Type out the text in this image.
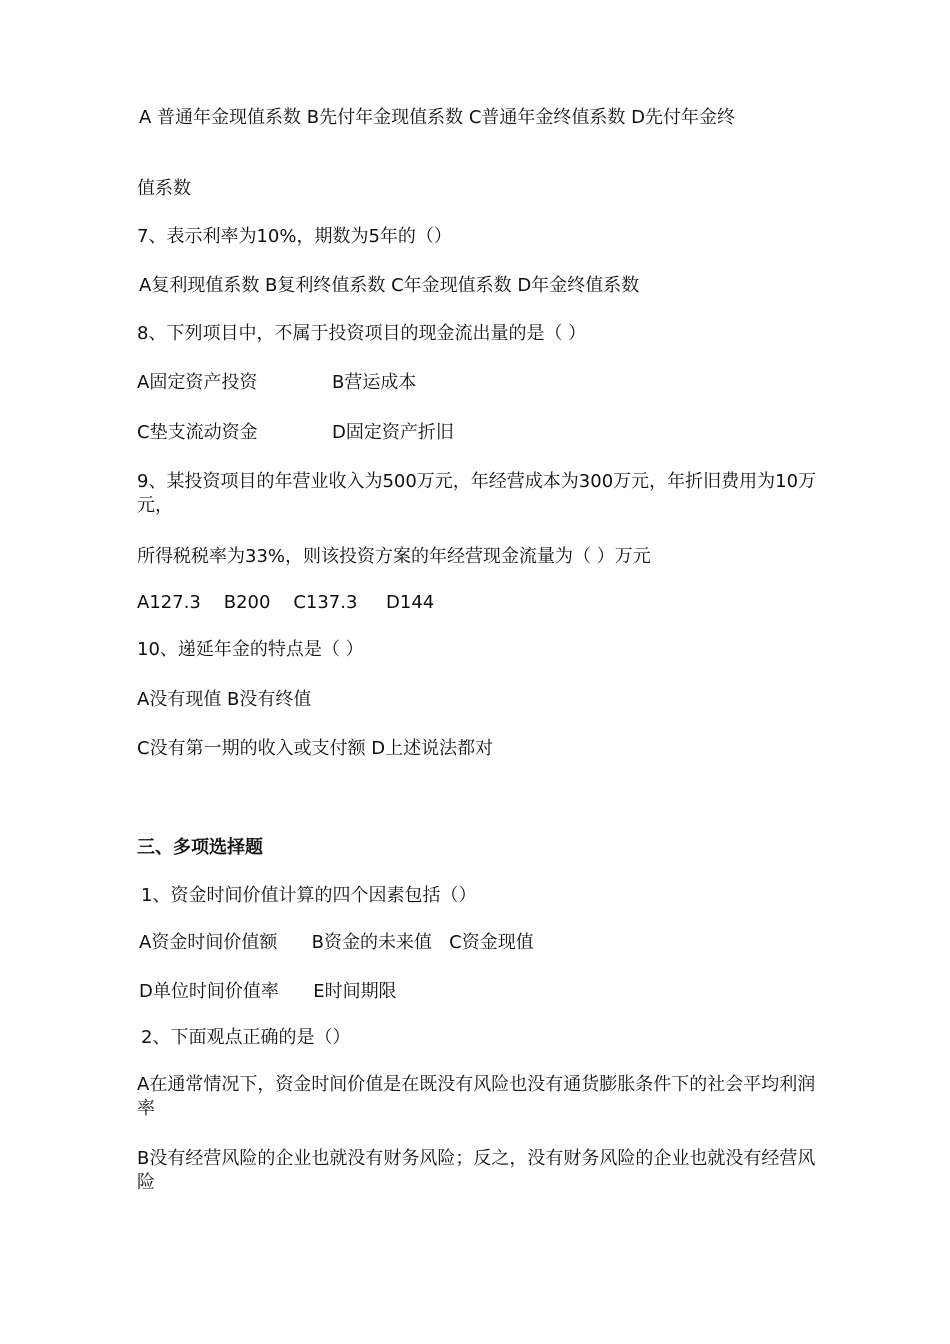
A 普通年金现值系数 B先付年金现值系数 C普通年金终值系数 D先付年金终

值系数

7、表示利率为10%，期数为5年的（）

A复利现值系数 B复利终值系数 C年金现值系数 D年金终值系数

8、下列项目中，不属于投资项目的现金流出量的是（ ）

A固定资产投资	B营运成本
C垫支流动资金	D固定资产折旧

9、某投资项目的年营业收入为500万元，年经营成本为300万元，年折旧费用为10万元，

所得税税率为33%，则该投资方案的年经营现金流量为（ ）万元

A127.3    B200    C137.3     D144

10、递延年金的特点是（ ）

A没有现值 B没有终值

C没有第一期的收入或支付额 D上述说法都对

三、多项选择题

1、资金时间价值计算的四个因素包括（）

A资金时间价值额      B资金的未来值   C资金现值

D单位时间价值率      E时间期限

2、下面观点正确的是（）

A在通常情况下，资金时间价值是在既没有风险也没有通货膨胀条件下的社会平均利润率

B没有经营风险的企业也就没有财务风险；反之，没有财务风险的企业也就没有经营风险
